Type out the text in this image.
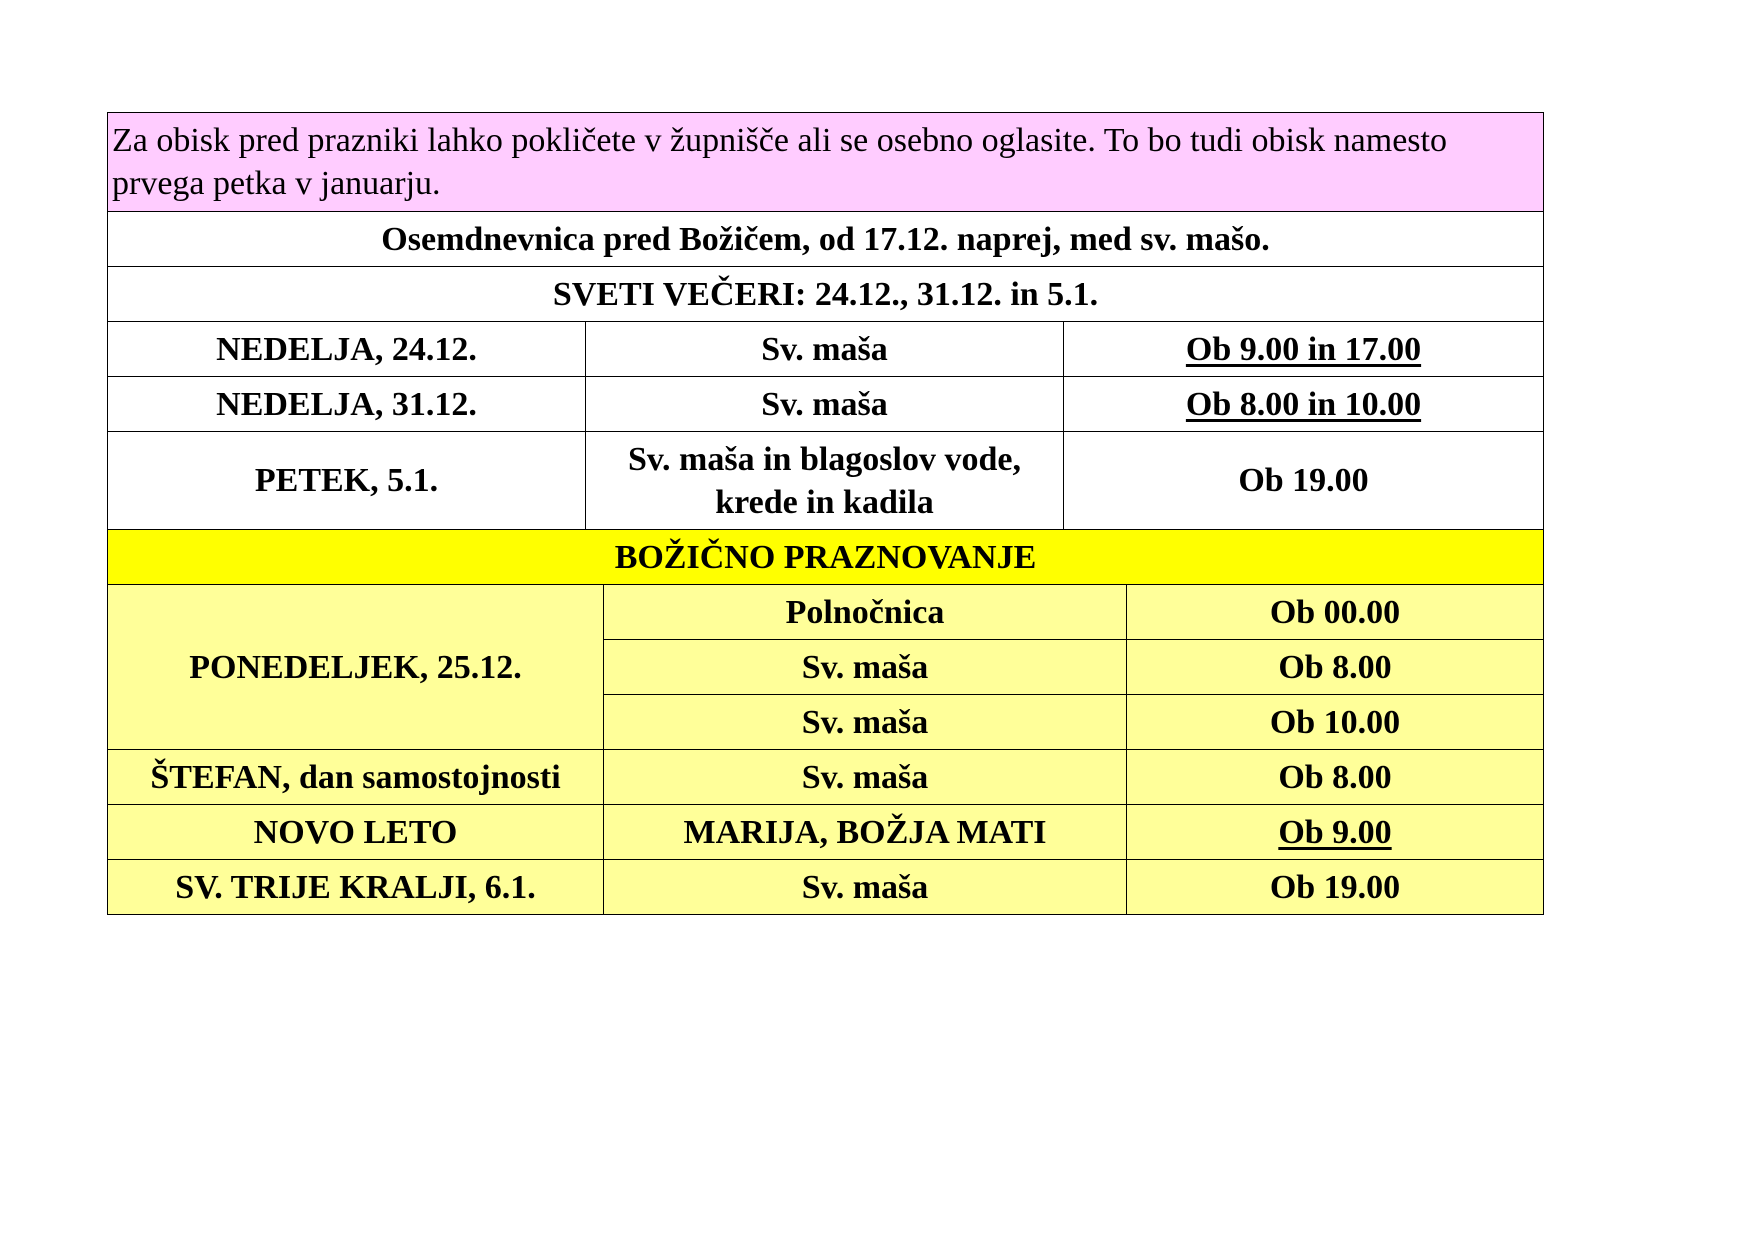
Za obisk pred prazniki lahko pokličete v župnišče ali se osebno oglasite. To bo tudi obisk namesto prvega petka v januarju.				
Osemdnevnica pred Božičem, od 17.12. naprej, med sv. mašo.				
SVETI VEČERI: 24.12., 31.12. in 5.1.				
NEDELJA, 24.12.	Sv. maša		Ob 9.00 in 17.00	
NEDELJA, 31.12.	Sv. maša		Ob 8.00 in 10.00	
PETEK, 5.1.	Sv. maša in blagoslov vode, krede in kadila		Ob 19.00	
BOŽIČNO PRAZNOVANJE				
PONEDELJEK, 25.12.		Polnočnica		Ob 00.00
		Sv. maša		Ob 8.00
		Sv. maša		Ob 10.00
ŠTEFAN, dan samostojnosti		Sv. maša		Ob 8.00
NOVO LETO		MARIJA, BOŽJA MATI		Ob 9.00
SV. TRIJE KRALJI, 6.1.		Sv. maša		Ob 19.00
